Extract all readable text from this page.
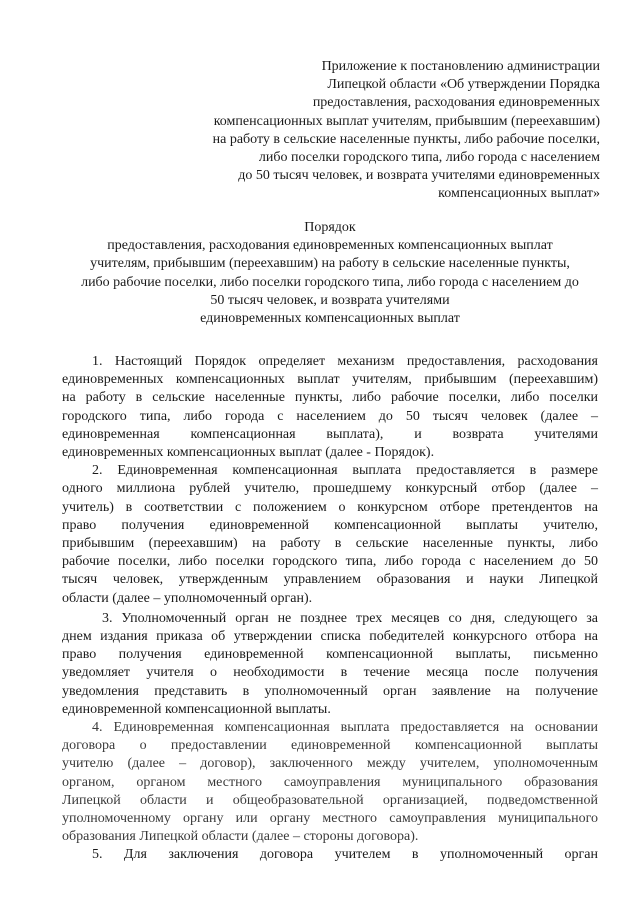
Приложение к постановлению администрации
Липецкой области «Об утверждении Порядка
предоставления, расходования единовременных
компенсационных выплат учителям, прибывшим (переехавшим)
на работу в сельские населенные пункты, либо рабочие поселки,
либо поселки городского типа, либо города с населением
до 50 тысяч человек, и возврата учителями единовременных
компенсационных выплат»
Порядок
предоставления, расходования единовременных компенсационных выплат
учителям, прибывшим (переехавшим) на работу в сельские населенные пункты,
либо рабочие поселки, либо поселки городского типа, либо города с населением до
50 тысяч человек, и возврата учителями
единовременных компенсационных выплат
1. Настоящий Порядок определяет механизм предоставления, расходования
единовременных компенсационных выплат учителям, прибывшим (переехавшим)
на работу в сельские населенные пункты, либо рабочие поселки, либо поселки
городского типа, либо города с населением до 50 тысяч человек (далее –
единовременная компенсационная выплата), и возврата учителями
единовременных компенсационных выплат (далее - Порядок).
2. Единовременная компенсационная выплата предоставляется в размере
одного миллиона рублей учителю, прошедшему конкурсный отбор (далее –
учитель) в соответствии с положением о конкурсном отборе претендентов на
право получения единовременной компенсационной выплаты учителю,
прибывшим (переехавшим) на работу в сельские населенные пункты, либо
рабочие поселки, либо поселки городского типа, либо города с населением до 50
тысяч человек, утвержденным управлением образования и науки Липецкой
области (далее – уполномоченный орган).
3. Уполномоченный орган не позднее трех месяцев со дня, следующего за
днем издания приказа об утверждении списка победителей конкурсного отбора на
право получения единовременной компенсационной выплаты, письменно
уведомляет учителя о необходимости в течение месяца после получения
уведомления представить в уполномоченный орган заявление на получение
единовременной компенсационной выплаты.
4. Единовременная компенсационная выплата предоставляется на основании
договора о предоставлении единовременной компенсационной выплаты
учителю (далее – договор), заключенного между учителем, уполномоченным
органом, органом местного самоуправления муниципального образования
Липецкой области и общеобразовательной организацией, подведомственной
уполномоченному органу или органу местного самоуправления муниципального
образования Липецкой области (далее – стороны договора).
5. Для заключения договора учителем в уполномоченный орган
